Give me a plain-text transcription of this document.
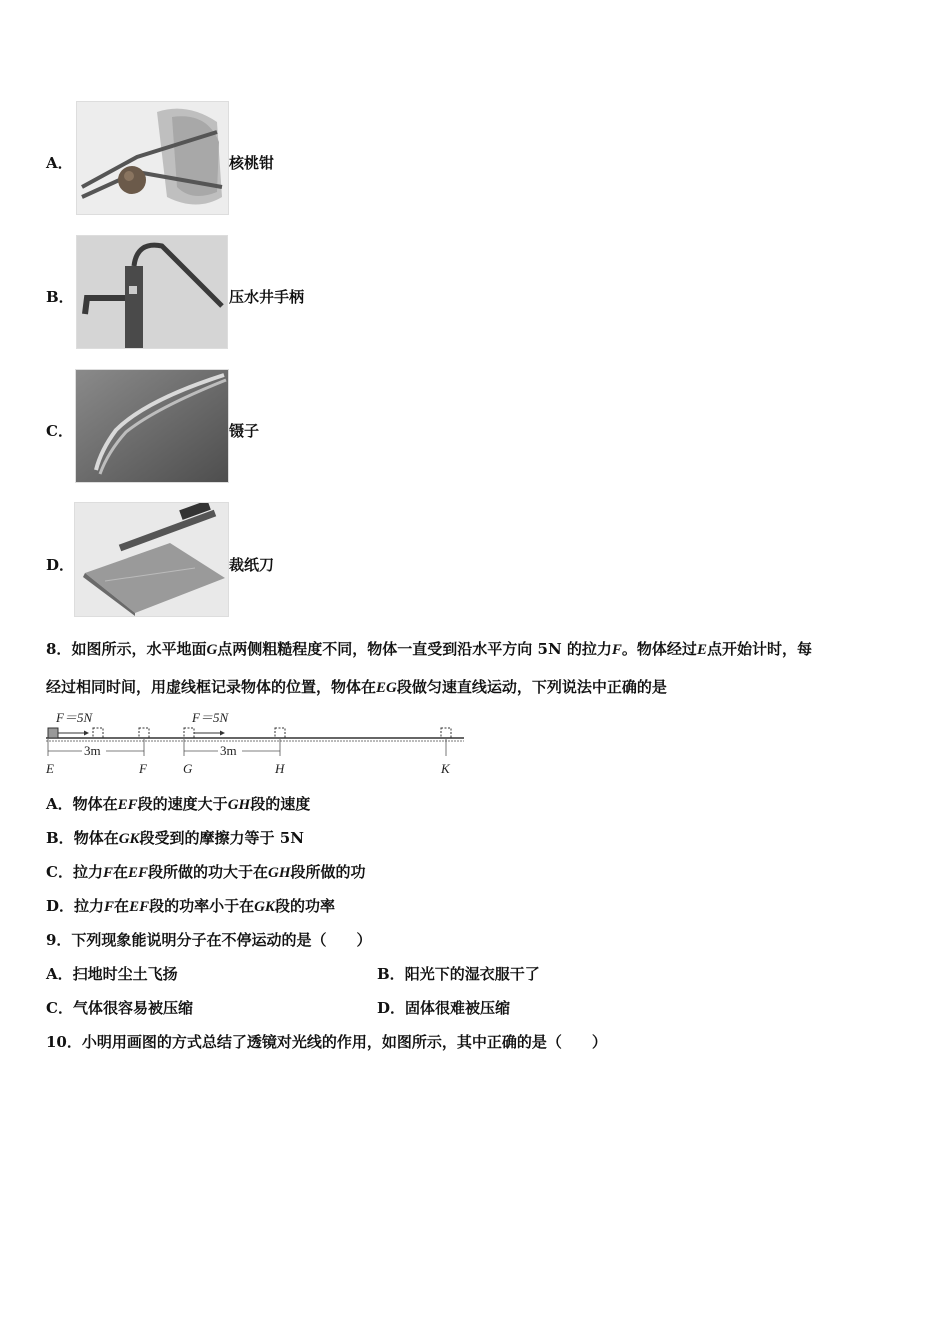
A．	核桃钳
B．	压水井手柄
C．	镊子
D．	裁纸刀
8．如图所示，水平地面G点两侧粗糙程度不同，物体一直受到沿水平方向 5N 的拉力F。物体经过E点开始计时，每
经过相同时间，用虚线框记录物体的位置，物体在EG段做匀速直线运动，下列说法中正确的是
F＝5N	F＝5N
3m	3m
E	F	G	H	K
A．物体在EF段的速度大于GH段的速度
B．物体在GK段受到的摩擦力等于 5N
C．拉力F在EF段所做的功大于在GH段所做的功
D．拉力F在EF段的功率小于在GK段的功率
9．下列现象能说明分子在不停运动的是（　　）
A．扫地时尘土飞扬	B．阳光下的湿衣服干了
C．气体很容易被压缩	D．固体很难被压缩
10．小明用画图的方式总结了透镜对光线的作用，如图所示，其中正确的是（　　）
